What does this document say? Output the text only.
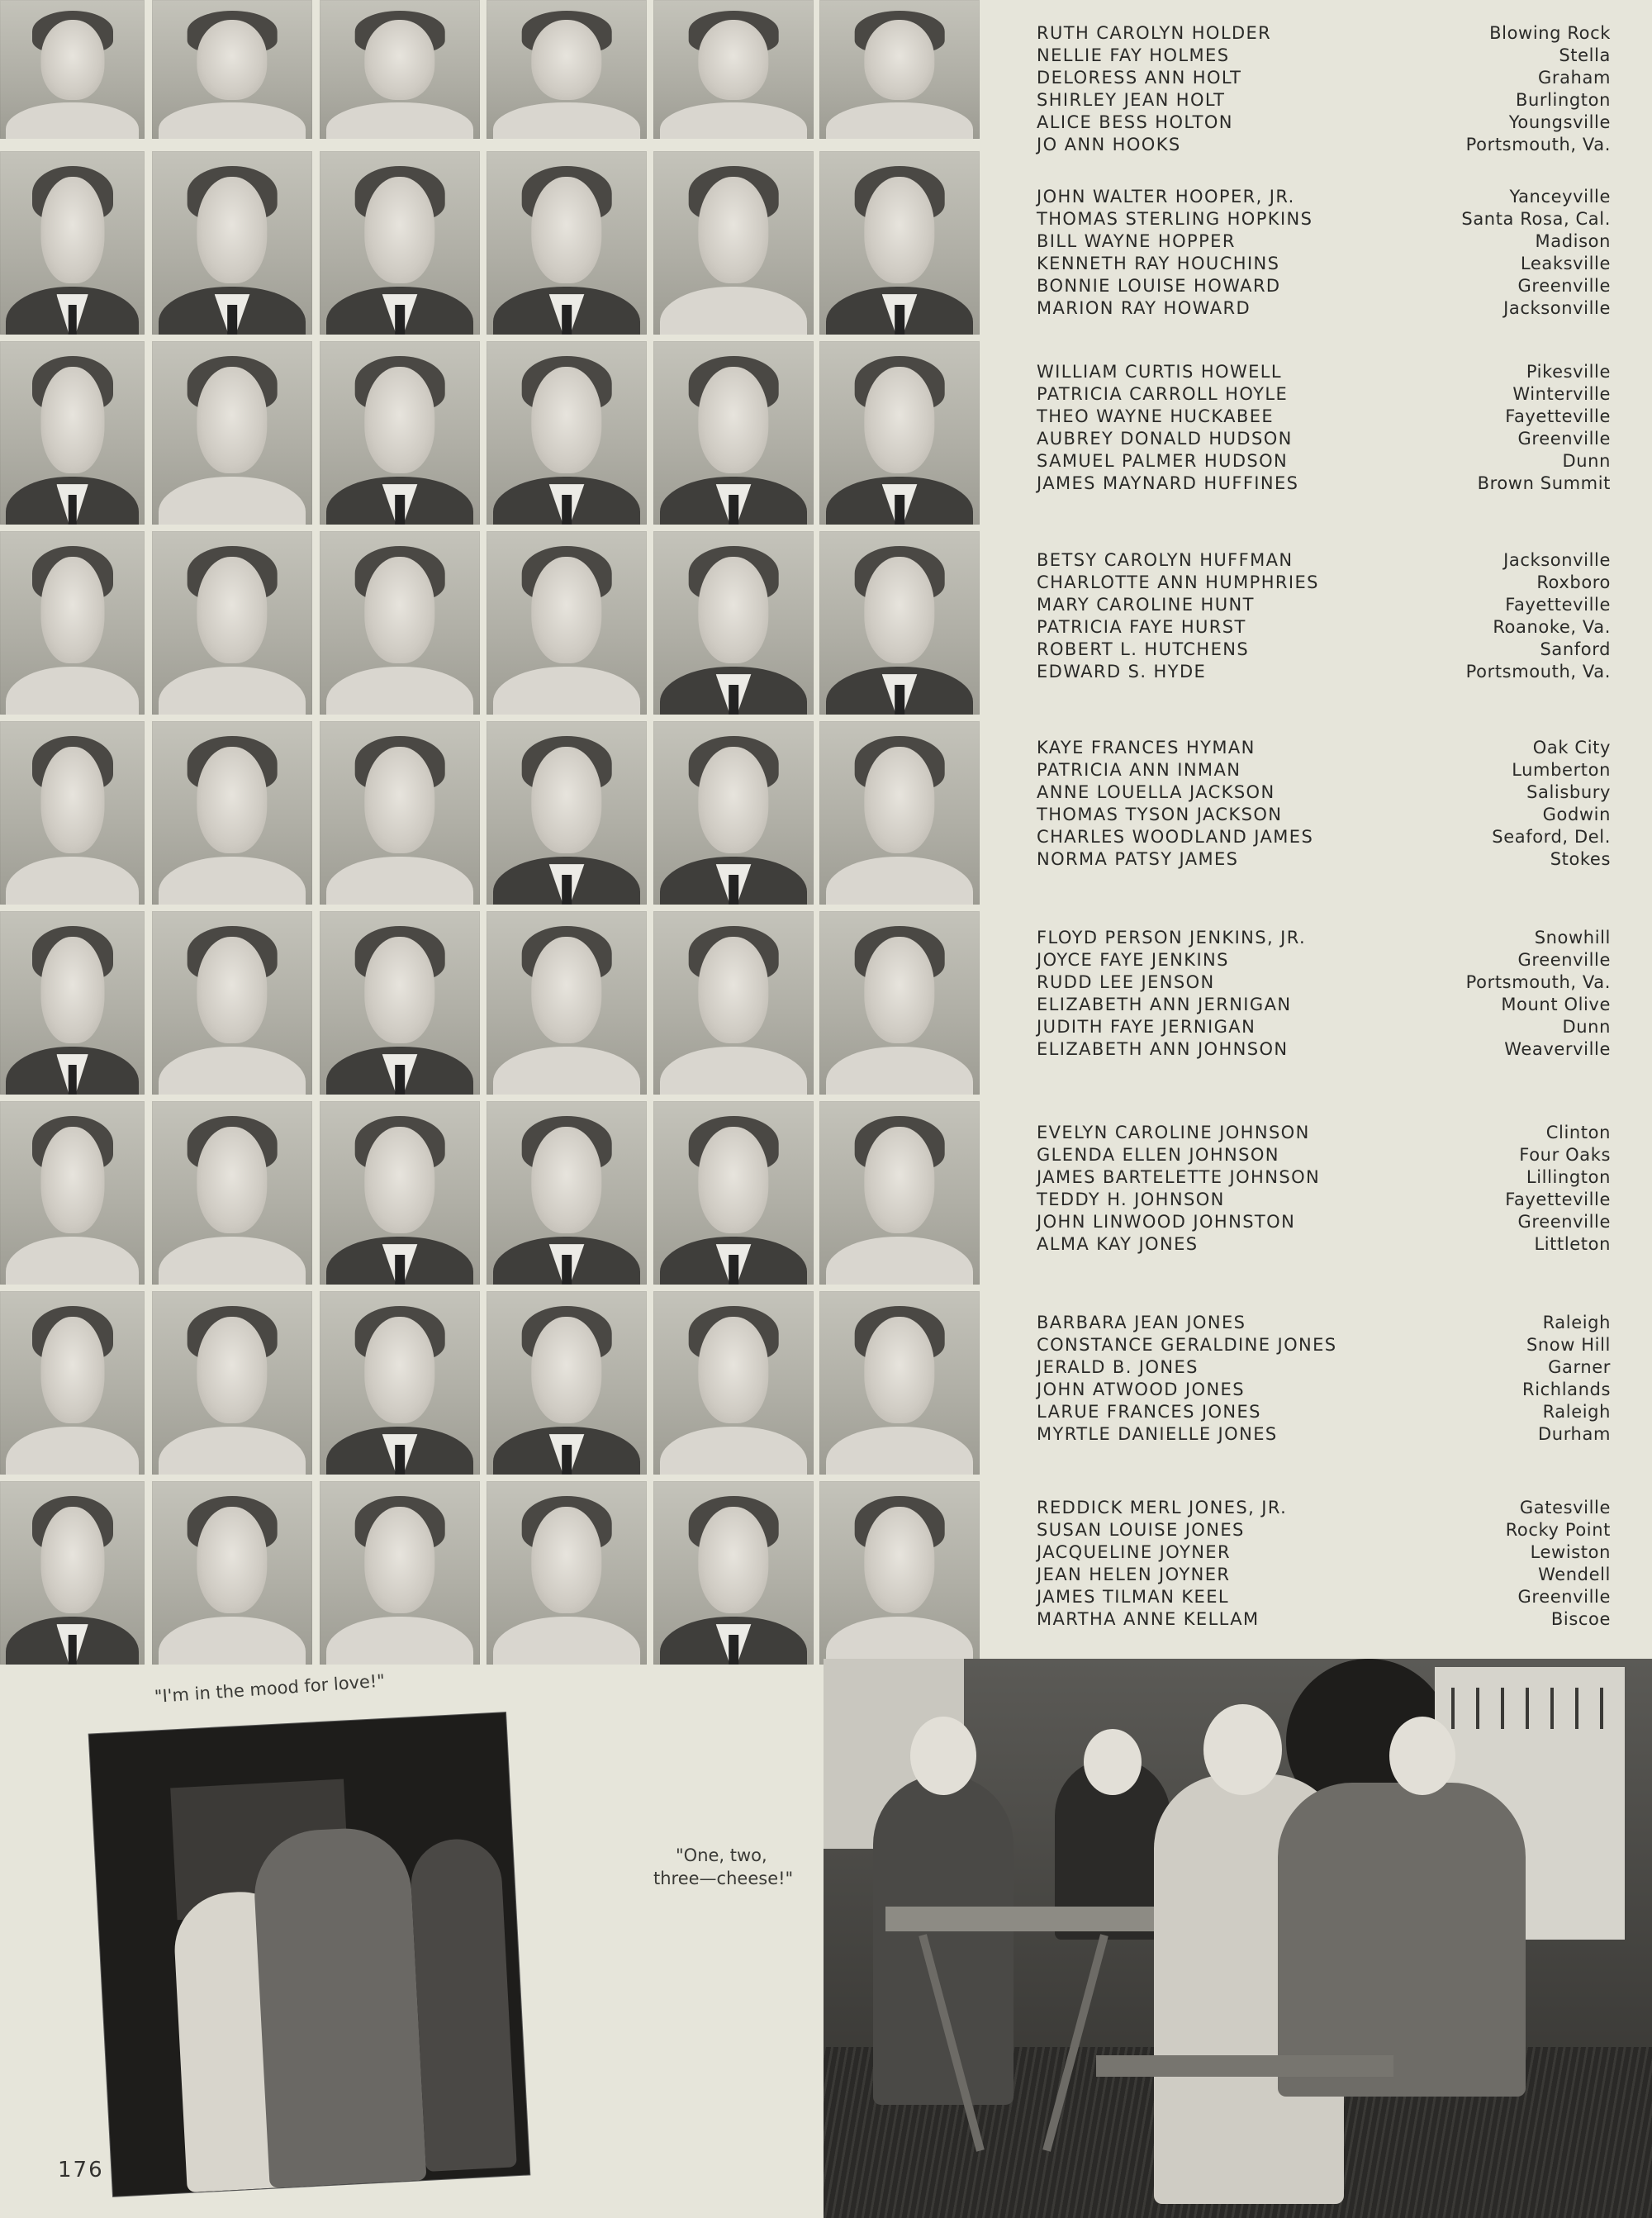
RUTH CAROLYN HOLDER	Blowing Rock
NELLIE FAY HOLMES	Stella
DELORESS ANN HOLT	Graham
SHIRLEY JEAN HOLT	Burlington
ALICE BESS HOLTON	Youngsville
JO ANN HOOKS	Portsmouth, Va.
JOHN WALTER HOOPER, JR.	Yanceyville
THOMAS STERLING HOPKINS	Santa Rosa, Cal.
BILL WAYNE HOPPER	Madison
KENNETH RAY HOUCHINS	Leaksville
BONNIE LOUISE HOWARD	Greenville
MARION RAY HOWARD	Jacksonville
WILLIAM CURTIS HOWELL	Pikesville
PATRICIA CARROLL HOYLE	Winterville
THEO WAYNE HUCKABEE	Fayetteville
AUBREY DONALD HUDSON	Greenville
SAMUEL PALMER HUDSON	Dunn
JAMES MAYNARD HUFFINES	Brown Summit
BETSY CAROLYN HUFFMAN	Jacksonville
CHARLOTTE ANN HUMPHRIES	Roxboro
MARY CAROLINE HUNT	Fayetteville
PATRICIA FAYE HURST	Roanoke, Va.
ROBERT L. HUTCHENS	Sanford
EDWARD S. HYDE	Portsmouth, Va.
KAYE FRANCES HYMAN	Oak City
PATRICIA ANN INMAN	Lumberton
ANNE LOUELLA JACKSON	Salisbury
THOMAS TYSON JACKSON	Godwin
CHARLES WOODLAND JAMES	Seaford, Del.
NORMA PATSY JAMES	Stokes
FLOYD PERSON JENKINS, JR.	Snowhill
JOYCE FAYE JENKINS	Greenville
RUDD LEE JENSON	Portsmouth, Va.
ELIZABETH ANN JERNIGAN	Mount Olive
JUDITH FAYE JERNIGAN	Dunn
ELIZABETH ANN JOHNSON	Weaverville
EVELYN CAROLINE JOHNSON	Clinton
GLENDA ELLEN JOHNSON	Four Oaks
JAMES BARTELETTE JOHNSON	Lillington
TEDDY H. JOHNSON	Fayetteville
JOHN LINWOOD JOHNSTON	Greenville
ALMA KAY JONES	Littleton
BARBARA JEAN JONES	Raleigh
CONSTANCE GERALDINE JONES	Snow Hill
JERALD B. JONES	Garner
JOHN ATWOOD JONES	Richlands
LARUE FRANCES JONES	Raleigh
MYRTLE DANIELLE JONES	Durham
REDDICK MERL JONES, JR.	Gatesville
SUSAN LOUISE JONES	Rocky Point
JACQUELINE JOYNER	Lewiston
JEAN HELEN JOYNER	Wendell
JAMES TILMAN KEEL	Greenville
MARTHA ANNE KELLAM	Biscoe
"I'm in the mood for love!"
"One, two,
three—cheese!"
176
